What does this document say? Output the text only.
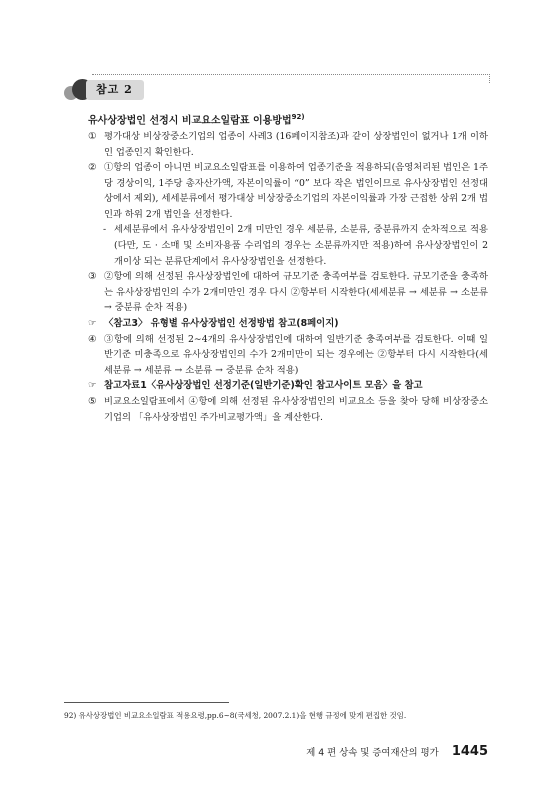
참고 2
유사상장법인 선정시 비교요소일람표 이용방법$^{92)}$
① 평가대상 비상장중소기업의 업종이 사례3 (16페이지참조)과 같이 상장법인이 없거나 1개 이하인 업종인지 확인한다.
② ①항의 업종이 아니면 비교요소일람표를 이용하여 업종기준을 적용하되(음영처리된 법인은 1주당 경상이익, 1주당 총자산가액, 자본이익률이 “0” 보다 작은 법인이므로 유사상장법인 선정대상에서 제외), 세세분류에서 평가대상 비상장중소기업의 자본이익률과 가장 근접한 상위 2개 법인과 하위 2개 법인을 선정한다.
- 세세분류에서 유사상장법인이 2개 미만인 경우 세분류, 소분류, 중분류까지 순차적으로 적용(다만, 도 · 소매 및 소비자용품 수리업의 경우는 소분류까지만 적용)하여 유사상장법인이 2개이상 되는 분류단계에서 유사상장법인을 선정한다.
③ ②항에 의해 선정된 유사상장법인에 대하여 규모기준 충족여부를 검토한다. 규모기준을 충족하는 유사상장법인의 수가 2개미만인 경우 다시 ②항부터 시작한다(세세분류 → 세분류 → 소분류 → 중분류 순차 적용)
☞ 〈참고3〉 유형별 유사상장법인 선정방법 참고(8페이지)
④ ③항에 의해 선정된 2∼4개의 유사상장법인에 대하여 일반기준 충족여부를 검토한다. 이때 일반기준 미충족으로 유사상장법인의 수가 2개미만이 되는 경우에는 ②항부터 다시 시작한다(세세분류 → 세분류 → 소분류 → 중분류 순차 적용)
☞ 참고자료1〈유사상장법인 선정기준(일반기준)확인 참고사이트 모음〉을 참고
⑤ 비교요소일람표에서 ④항에 의해 선정된 유사상장법인의 비교요소 등을 찾아 당해 비상장중소기업의 「유사상장법인 주가비교평가액」을 계산한다.
92) 유사상장법인 비교요소일람표 적용요령,pp.6~8(국세청, 2007.2.1)을 현행 규정에 맞게 편집한 것임.
제 4 편 상속 및 증여재산의 평가 1445
